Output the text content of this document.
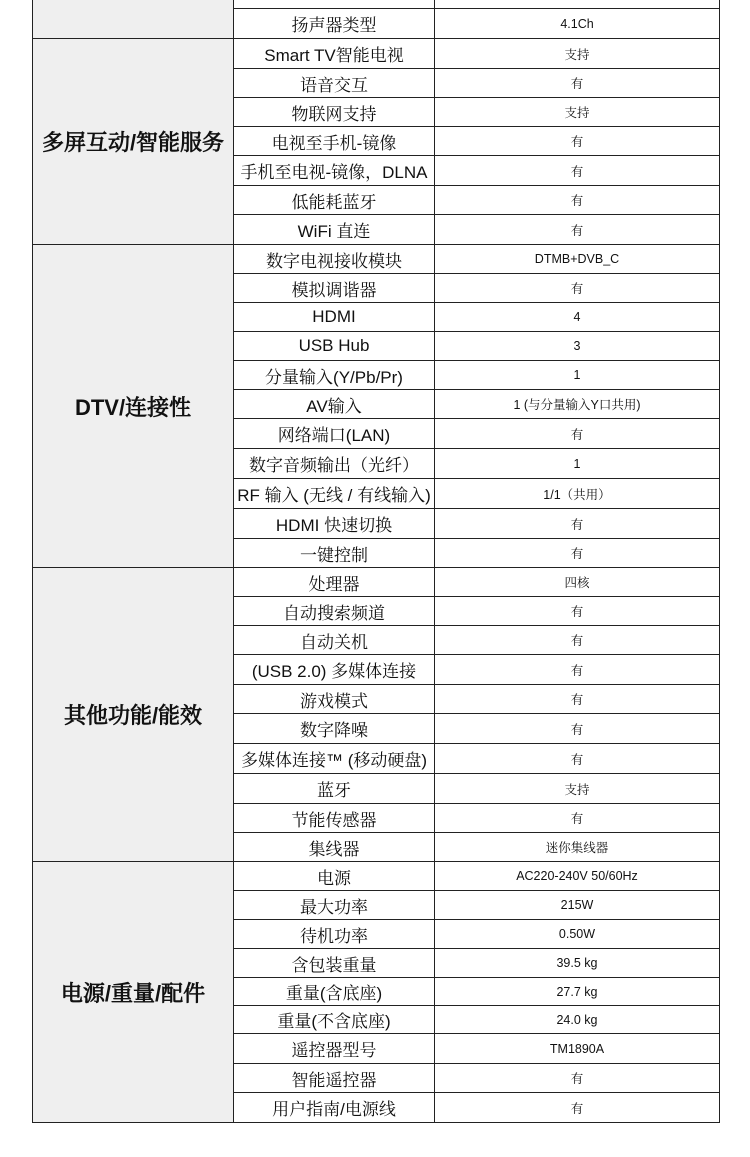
	扬声器类型	4.1Ch
多屏互动/智能服务	Smart TV智能电视	支持
	语音交互	有
	物联网支持	支持
	电视至手机-镜像	有
	手机至电视-镜像，DLNA	有
	低能耗蓝牙	有
	WiFi 直连	有
DTV/连接性	数字电视接收模块	DTMB+DVB_C
	模拟调谐器	有
	HDMI	4
	USB Hub	3
	分量输入(Y/Pb/Pr)	1
	AV输入	1 (与分量输入Y口共用)
	网络端口(LAN)	有
	数字音频输出（光纤）	1
	RF 输入 (无线 / 有线输入)	1/1（共用）
	HDMI 快速切换	有
	一键控制	有
其他功能/能效	处理器	四核
	自动搜索频道	有
	自动关机	有
	(USB 2.0) 多媒体连接	有
	游戏模式	有
	数字降噪	有
	多媒体连接™ (移动硬盘)	有
	蓝牙	支持
	节能传感器	有
	集线器	迷你集线器
电源/重量/配件	电源	AC220-240V 50/60Hz
	最大功率	215W
	待机功率	0.50W
	含包装重量	39.5 kg
	重量(含底座)	27.7 kg
	重量(不含底座)	24.0 kg
	遥控器型号	TM1890A
	智能遥控器	有
	用户指南/电源线	有
